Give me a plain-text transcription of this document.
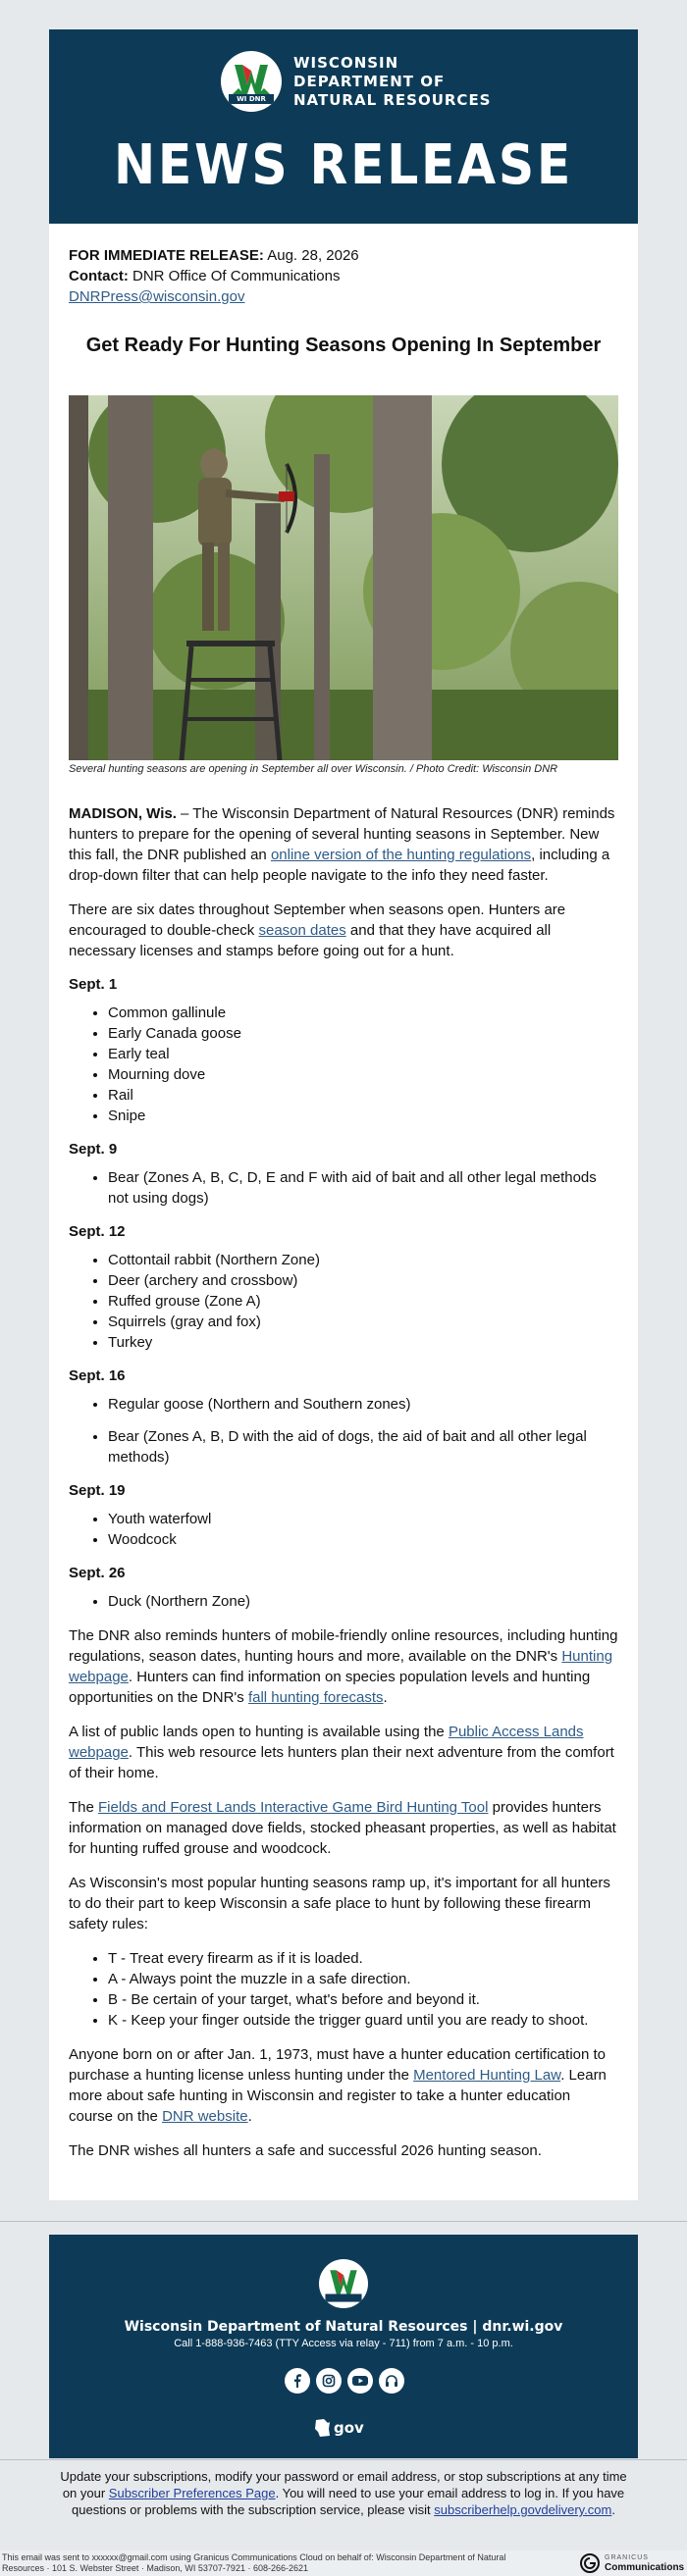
WI DNR
WISCONSIN
DEPARTMENT OF
NATURAL RESOURCES
NEWS RELEASE
FOR IMMEDIATE RELEASE: Aug. 28, 2026
Contact: DNR Office Of Communications
DNRPress@wisconsin.gov
Get Ready For Hunting Seasons Opening In September
Several hunting seasons are opening in September all over Wisconsin. / Photo Credit: Wisconsin DNR

MADISON, Wis. – The Wisconsin Department of Natural Resources (DNR) reminds hunters to prepare for the opening of several hunting seasons in September. New this fall, the DNR published an online version of the hunting regulations, including a drop-down filter that can help people navigate to the info they need faster.

There are six dates throughout September when seasons open. Hunters are encouraged to double-check season dates and that they have acquired all necessary licenses and stamps before going out for a hunt.

Sept. 1
• Common gallinule
• Early Canada goose
• Early teal
• Mourning dove
• Rail
• Snipe
Sept. 9
• Bear (Zones A, B, C, D, E and F with aid of bait and all other legal methods not using dogs)
Sept. 12
• Cottontail rabbit (Northern Zone)
• Deer (archery and crossbow)
• Ruffed grouse (Zone A)
• Squirrels (gray and fox)
• Turkey
Sept. 16
• Regular goose (Northern and Southern zones)
• Bear (Zones A, B, D with the aid of dogs, the aid of bait and all other legal methods)
Sept. 19
• Youth waterfowl
• Woodcock
Sept. 26
• Duck (Northern Zone)

The DNR also reminds hunters of mobile-friendly online resources, including hunting regulations, season dates, hunting hours and more, available on the DNR's Hunting webpage. Hunters can find information on species population levels and hunting opportunities on the DNR's fall hunting forecasts.

A list of public lands open to hunting is available using the Public Access Lands webpage. This web resource lets hunters plan their next adventure from the comfort of their home.

The Fields and Forest Lands Interactive Game Bird Hunting Tool provides hunters information on managed dove fields, stocked pheasant properties, as well as habitat for hunting ruffed grouse and woodcock.

As Wisconsin's most popular hunting seasons ramp up, it's important for all hunters to do their part to keep Wisconsin a safe place to hunt by following these firearm safety rules:

• T - Treat every firearm as if it is loaded.
• A - Always point the muzzle in a safe direction.
• B - Be certain of your target, what's before and beyond it.
• K - Keep your finger outside the trigger guard until you are ready to shoot.

Anyone born on or after Jan. 1, 1973, must have a hunter education certification to purchase a hunting license unless hunting under the Mentored Hunting Law. Learn more about safe hunting in Wisconsin and register to take a hunter education course on the DNR website.

The DNR wishes all hunters a safe and successful 2026 hunting season.

Wisconsin Department of Natural Resources | dnr.wi.gov
Call 1-888-936-7463 (TTY Access via relay - 711) from 7 a.m. - 10 p.m.
gov
Update your subscriptions, modify your password or email address, or stop subscriptions at any time on your Subscriber Preferences Page. You will need to use your email address to log in. If you have questions or problems with the subscription service, please visit subscriberhelp.govdelivery.com.
This email was sent to xxxxxx@gmail.com using Granicus Communications Cloud on behalf of: Wisconsin Department of Natural
Resources · 101 S. Webster Street · Madison, WI 53707-7921 · 608-266-2621
GRANICUS
Communications
